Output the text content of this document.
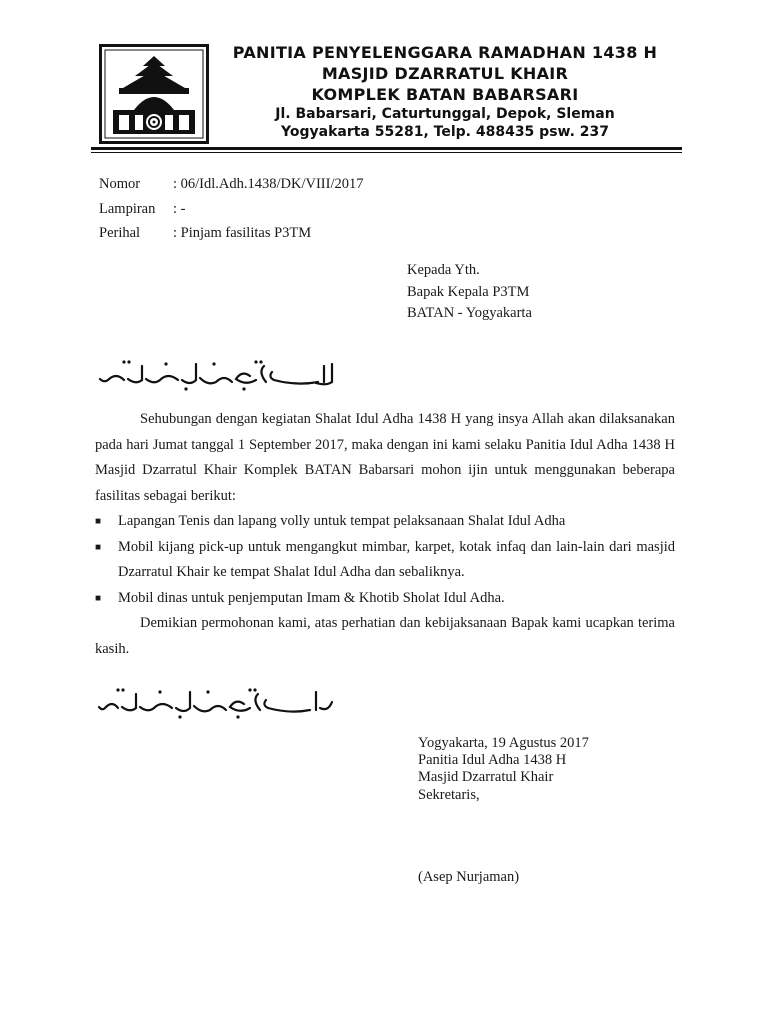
PANITIA PENYELENGGARA RAMADHAN 1438 H
MASJID DZARRATUL KHAIR
KOMPLEK BATAN BABARSARI
Jl. Babarsari, Caturtunggal, Depok, Sleman
Yogyakarta 55281, Telp. 488435 psw. 237
Nomor	: 06/Idl.Adh.1438/DK/VIII/2017
Lampiran	: -
Perihal	: Pinjam fasilitas P3TM
Kepada Yth.
Bapak Kepala P3TM
BATAN - Yogyakarta

Sehubungan dengan kegiatan Shalat Idul Adha 1438 H yang insya Allah akan dilaksanakan pada hari Jumat tanggal 1 September 2017, maka dengan ini kami selaku Panitia Idul Adha 1438 H Masjid Dzarratul Khair Komplek BATAN Babarsari mohon ijin untuk menggunakan beberapa fasilitas sebagai berikut:

■ Lapangan Tenis dan lapang volly untuk tempat pelaksanaan Shalat Idul Adha
■ Mobil kijang pick-up untuk mengangkut mimbar, karpet, kotak infaq dan lain-lain dari masjid Dzarratul Khair ke tempat Shalat Idul Adha dan sebaliknya.
■ Mobil dinas untuk penjemputan Imam & Khotib Sholat Idul Adha.

Demikian permohonan kami, atas perhatian dan kebijaksanaan Bapak kami ucapkan terima kasih.

Yogyakarta, 19 Agustus 2017
Panitia Idul Adha 1438 H
Masjid Dzarratul Khair
Sekretaris,
(Asep Nurjaman)
